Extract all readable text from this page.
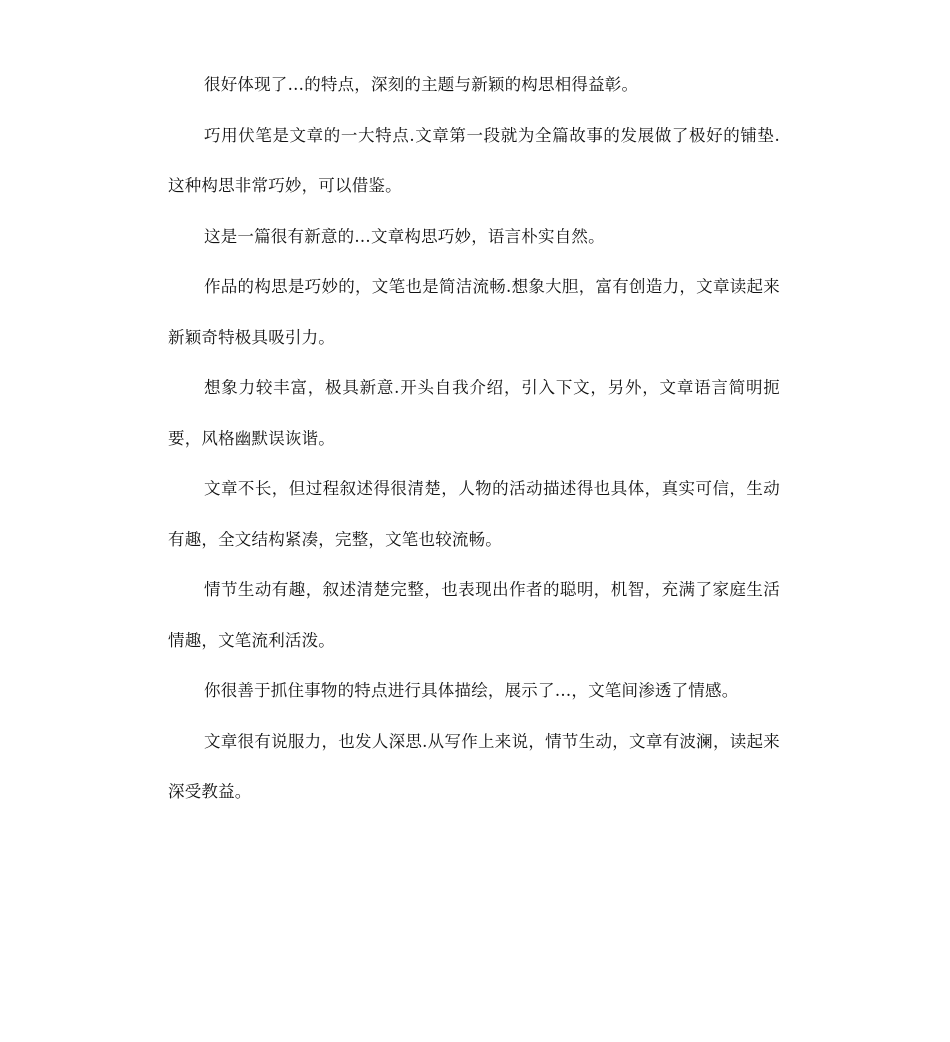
很好体现了…的特点，深刻的主题与新颖的构思相得益彰。

巧用伏笔是文章的一大特点.文章第一段就为全篇故事的发展做了极好的铺垫.这种构思非常巧妙，可以借鉴。

这是一篇很有新意的…文章构思巧妙，语言朴实自然。

作品的构思是巧妙的，文笔也是简洁流畅.想象大胆，富有创造力，文章读起来新颖奇特极具吸引力。

想象力较丰富，极具新意.开头自我介绍，引入下文，另外，文章语言简明扼要，风格幽默误诙谐。

文章不长，但过程叙述得很清楚，人物的活动描述得也具体，真实可信，生动有趣，全文结构紧凑，完整，文笔也较流畅。

情节生动有趣，叙述清楚完整，也表现出作者的聪明，机智，充满了家庭生活情趣，文笔流利活泼。

你很善于抓住事物的特点进行具体描绘，展示了…，文笔间渗透了情感。

文章很有说服力，也发人深思.从写作上来说，情节生动，文章有波澜，读起来深受教益。
